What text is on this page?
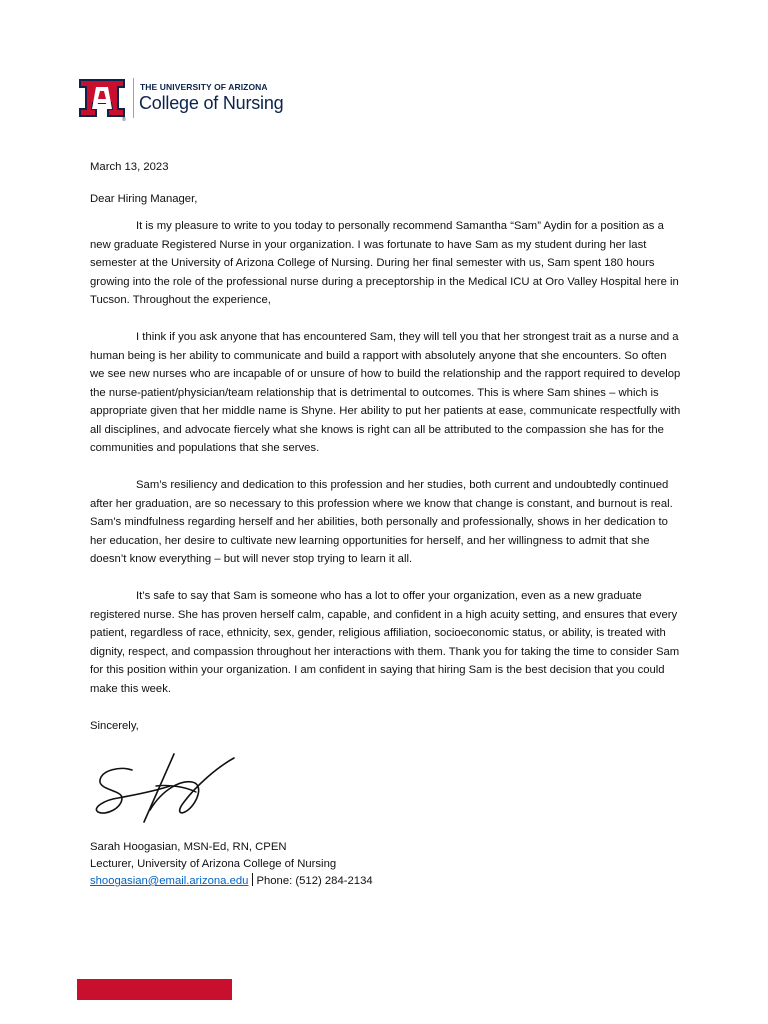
®
THE UNIVERSITY OF ARIZONA
College of Nursing

March 13, 2023

Dear Hiring Manager,

It is my pleasure to write to you today to personally recommend Samantha “Sam” Aydin for a position as a new graduate Registered Nurse in your organization. I was fortunate to have Sam as my student during her last semester at the University of Arizona College of Nursing. During her final semester with us, Sam spent 180 hours growing into the role of the professional nurse during a preceptorship in the Medical ICU at Oro Valley Hospital here in Tucson. Throughout the experience,

I think if you ask anyone that has encountered Sam, they will tell you that her strongest trait as a nurse and a human being is her ability to communicate and build a rapport with absolutely anyone that she encounters. So often we see new nurses who are incapable of or unsure of how to build the relationship and the rapport required to develop the nurse-patient/physician/team relationship that is detrimental to outcomes. This is where Sam shines – which is appropriate given that her middle name is Shyne. Her ability to put her patients at ease, communicate respectfully with all disciplines, and advocate fiercely what she knows is right can all be attributed to the compassion she has for the communities and populations that she serves.

Sam’s resiliency and dedication to this profession and her studies, both current and undoubtedly continued after her graduation, are so necessary to this profession where we know that change is constant, and burnout is real. Sam’s mindfulness regarding herself and her abilities, both personally and professionally, shows in her dedication to her education, her desire to cultivate new learning opportunities for herself, and her willingness to admit that she doesn’t know everything – but will never stop trying to learn it all.

It’s safe to say that Sam is someone who has a lot to offer your organization, even as a new graduate registered nurse. She has proven herself calm, capable, and confident in a high acuity setting, and ensures that every patient, regardless of race, ethnicity, sex, gender, religious affiliation, socioeconomic status, or ability, is treated with dignity, respect, and compassion throughout her interactions with them. Thank you for taking the time to consider Sam for this position within your organization. I am confident in saying that hiring Sam is the best decision that you could make this week.

Sincerely,

Sarah Hoogasian, MSN-Ed, RN, CPEN

Lecturer, University of Arizona College of Nursing

shoogasian@email.arizona.edu Phone: (512) 284-2134
